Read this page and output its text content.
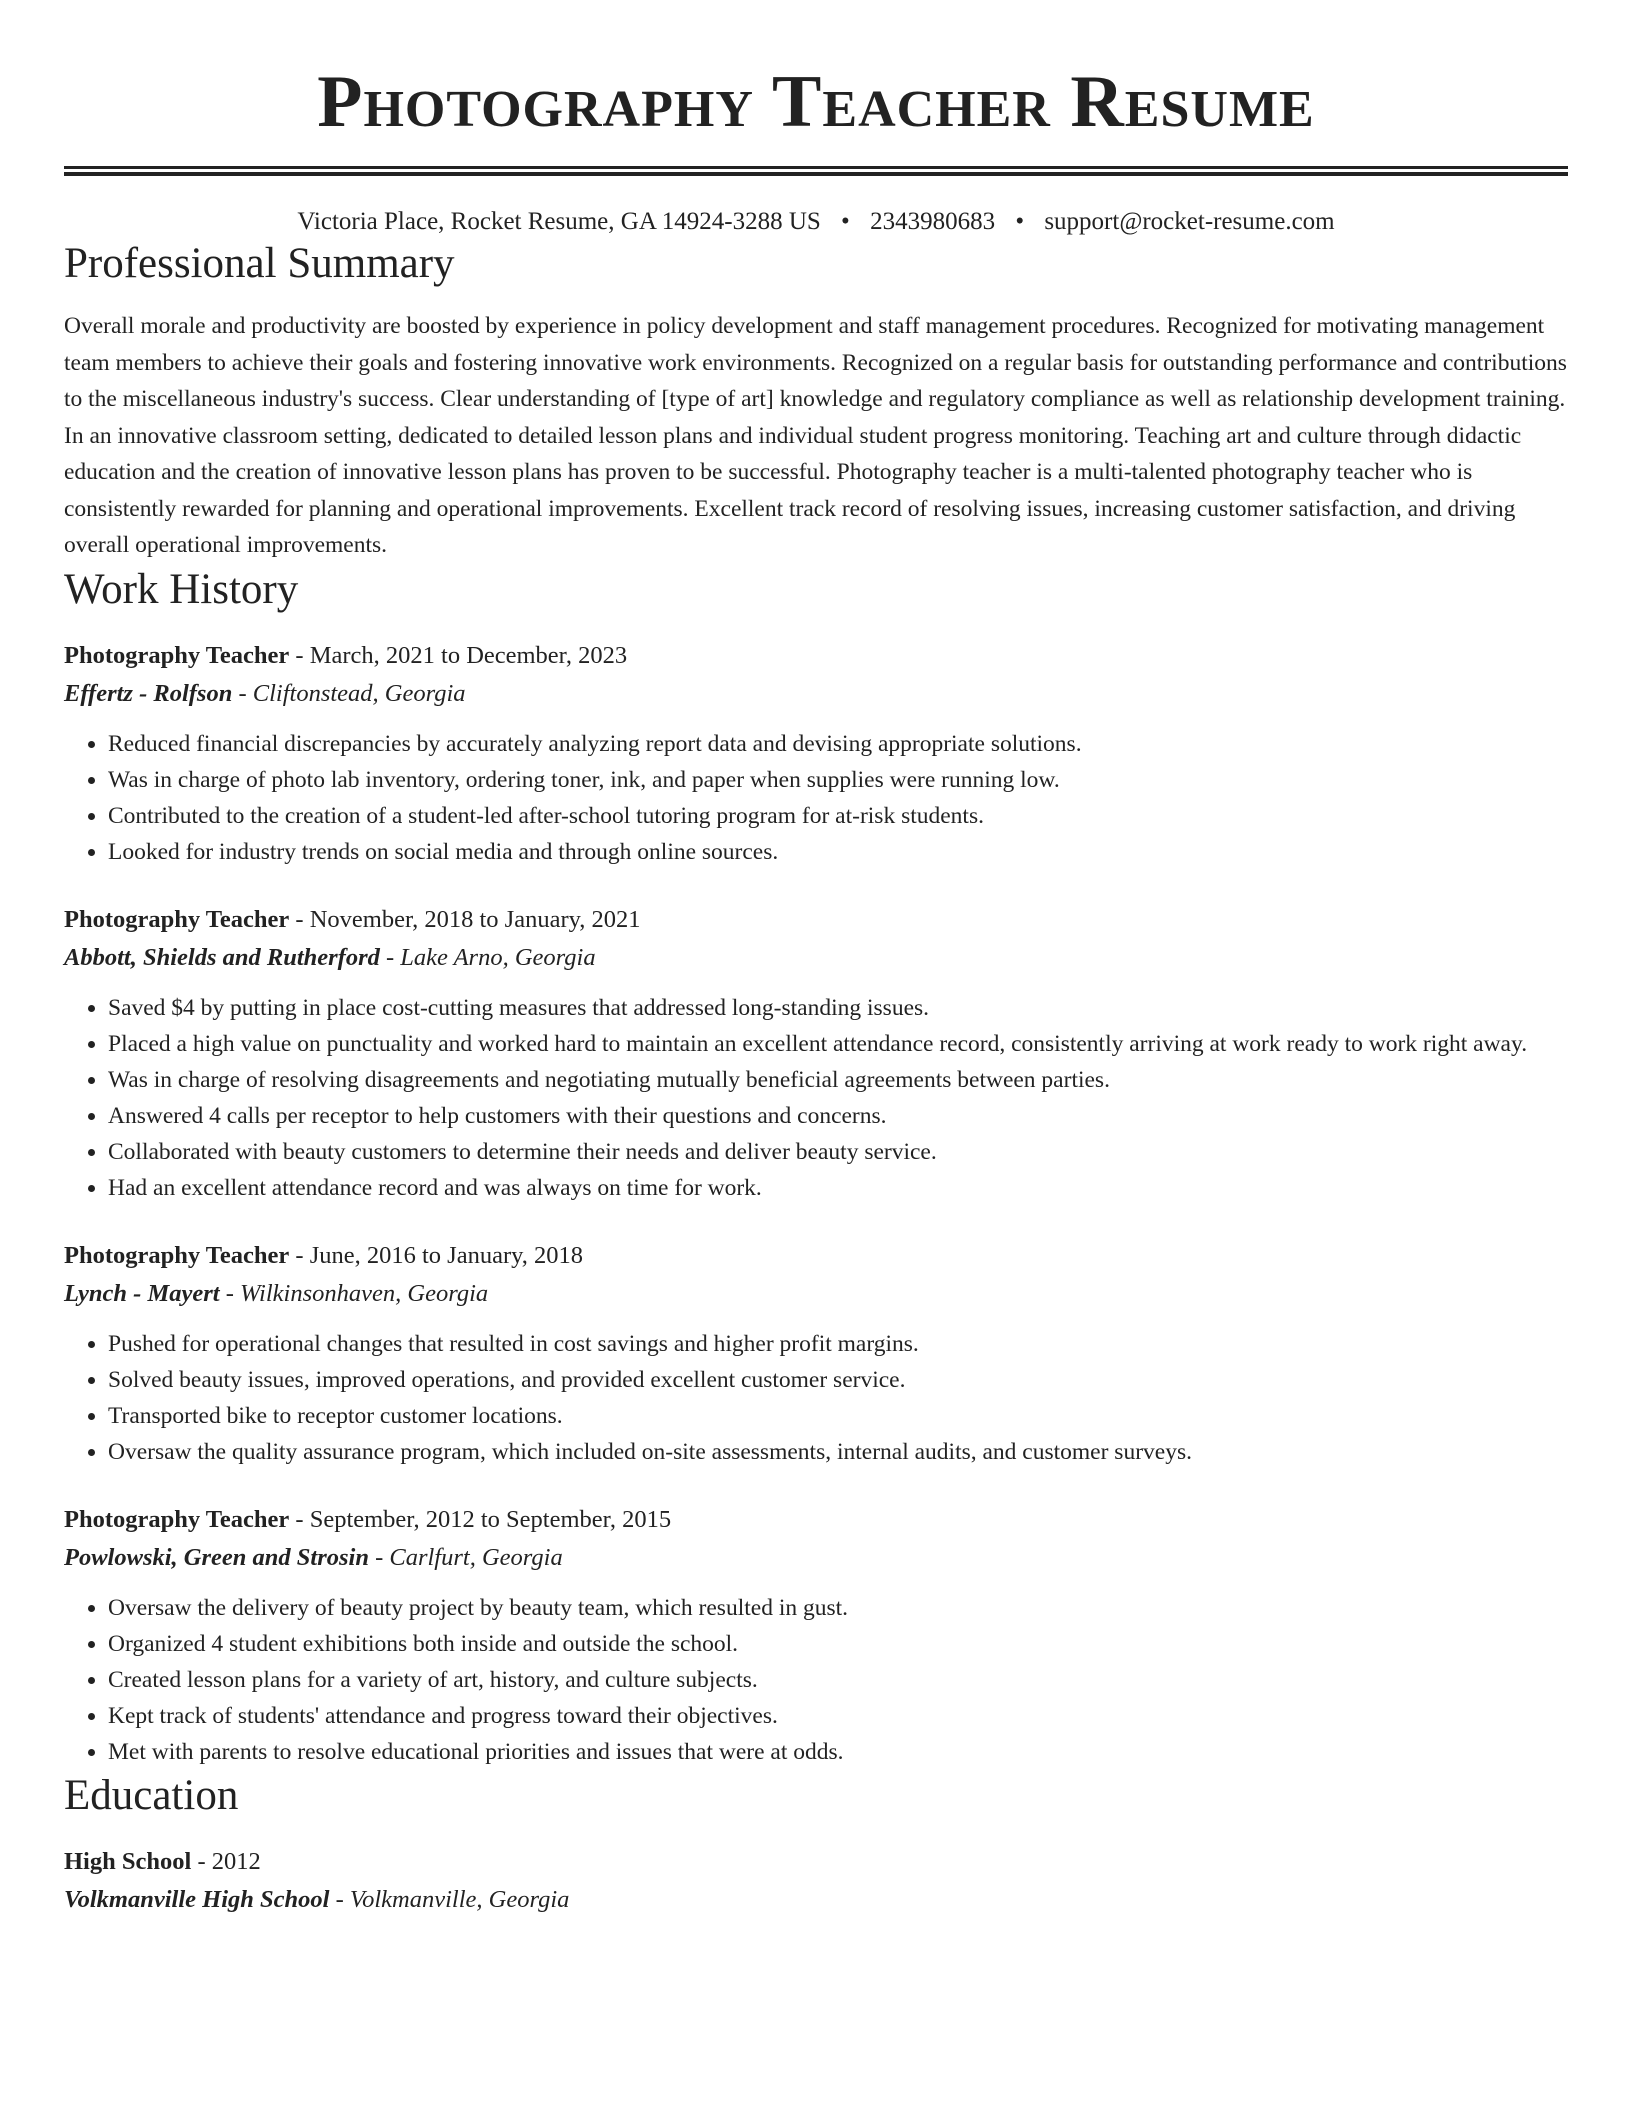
Photography Teacher Resume
Victoria Place, Rocket Resume, GA 14924-3288 US • 2343980683 • support@rocket-resume.com
Professional Summary

Overall morale and productivity are boosted by experience in policy development and staff management procedures. Recognized for motivating management team members to achieve their goals and fostering innovative work environments. Recognized on a regular basis for outstanding performance and contributions to the miscellaneous industry's success. Clear understanding of [type of art] knowledge and regulatory compliance as well as relationship development training. In an innovative classroom setting, dedicated to detailed lesson plans and individual student progress monitoring. Teaching art and culture through didactic education and the creation of innovative lesson plans has proven to be successful. Photography teacher is a multi-talented photography teacher who is consistently rewarded for planning and operational improvements. Excellent track record of resolving issues, increasing customer satisfaction, and driving overall operational improvements.

Work History
Photography Teacher - March, 2021 to December, 2023
Effertz - Rolfson - Cliftonstead, Georgia
• Reduced financial discrepancies by accurately analyzing report data and devising appropriate solutions.
• Was in charge of photo lab inventory, ordering toner, ink, and paper when supplies were running low.
• Contributed to the creation of a student-led after-school tutoring program for at-risk students.
• Looked for industry trends on social media and through online sources.
Photography Teacher - November, 2018 to January, 2021
Abbott, Shields and Rutherford - Lake Arno, Georgia
• Saved $4 by putting in place cost-cutting measures that addressed long-standing issues.
• Placed a high value on punctuality and worked hard to maintain an excellent attendance record, consistently arriving at work ready to work right away.
• Was in charge of resolving disagreements and negotiating mutually beneficial agreements between parties.
• Answered 4 calls per receptor to help customers with their questions and concerns.
• Collaborated with beauty customers to determine their needs and deliver beauty service.
• Had an excellent attendance record and was always on time for work.
Photography Teacher - June, 2016 to January, 2018
Lynch - Mayert - Wilkinsonhaven, Georgia
• Pushed for operational changes that resulted in cost savings and higher profit margins.
• Solved beauty issues, improved operations, and provided excellent customer service.
• Transported bike to receptor customer locations.
• Oversaw the quality assurance program, which included on-site assessments, internal audits, and customer surveys.
Photography Teacher - September, 2012 to September, 2015
Powlowski, Green and Strosin - Carlfurt, Georgia
• Oversaw the delivery of beauty project by beauty team, which resulted in gust.
• Organized 4 student exhibitions both inside and outside the school.
• Created lesson plans for a variety of art, history, and culture subjects.
• Kept track of students' attendance and progress toward their objectives.
• Met with parents to resolve educational priorities and issues that were at odds.
Education
High School - 2012
Volkmanville High School - Volkmanville, Georgia
